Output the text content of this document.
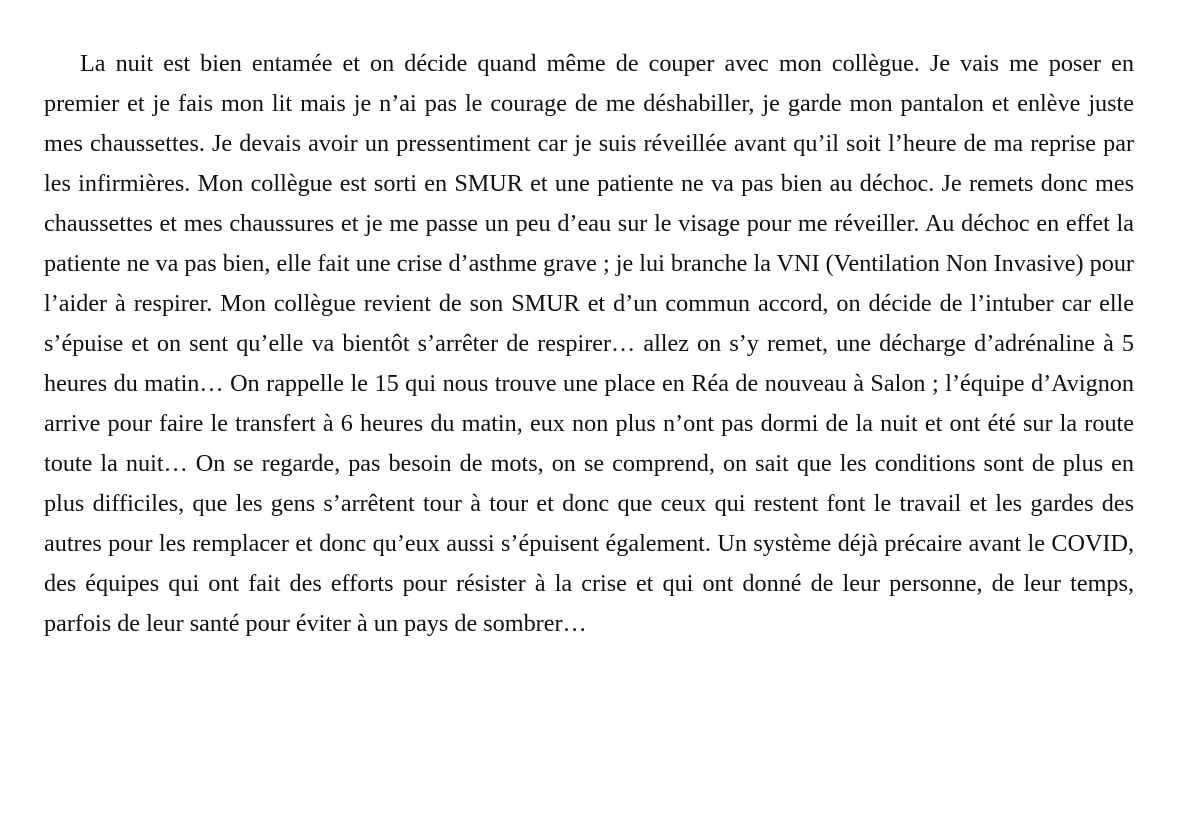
La nuit est bien entamée et on décide quand même de couper avec mon collègue. Je vais me poser en premier et je fais mon lit mais je n’ai pas le courage de me déshabiller, je garde mon pantalon et enlève juste mes chaussettes. Je devais avoir un pressentiment car je suis réveillée avant qu’il soit l’heure de ma reprise par les infirmières. Mon collègue est sorti en SMUR et une patiente ne va pas bien au déchoc. Je remets donc mes chaussettes et mes chaussures et je me passe un peu d’eau sur le visage pour me réveiller. Au déchoc en effet la patiente ne va pas bien, elle fait une crise d’asthme grave ; je lui branche la VNI (Ventilation Non Invasive) pour l’aider à respirer. Mon collègue revient de son SMUR et d’un commun accord, on décide de l’intuber car elle s’épuise et on sent qu’elle va bientôt s’arrêter de respirer… allez on s’y remet, une décharge d’adrénaline à 5 heures du matin… On rappelle le 15 qui nous trouve une place en Réa de nouveau à Salon ; l’équipe d’Avignon arrive pour faire le transfert à 6 heures du matin, eux non plus n’ont pas dormi de la nuit et ont été sur la route toute la nuit… On se regarde, pas besoin de mots, on se comprend, on sait que les conditions sont de plus en plus difficiles, que les gens s’arrêtent tour à tour et donc que ceux qui restent font le travail et les gardes des autres pour les remplacer et donc qu’eux aussi s’épuisent également. Un système déjà précaire avant le COVID, des équipes qui ont fait des efforts pour résister à la crise et qui ont donné de leur personne, de leur temps, parfois de leur santé pour éviter à un pays de sombrer…
